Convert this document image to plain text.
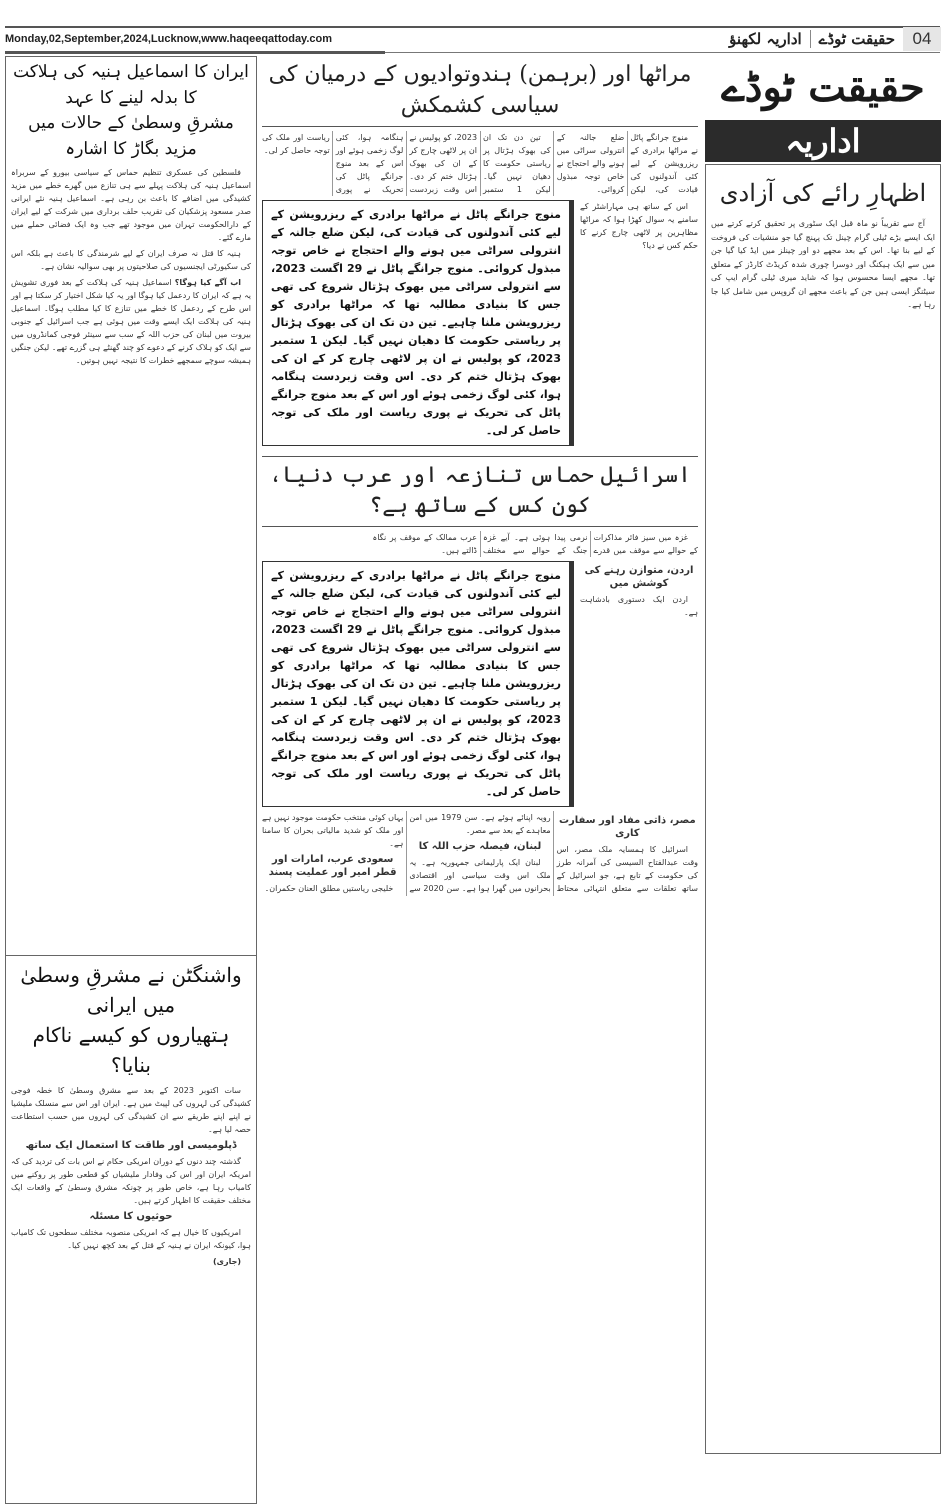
Monday,02,September,2024,Lucknow,www.haqeeqattoday.com	04
حقیقت ٹوڈے
اداریہ لکھنؤ
حقیقت ٹوڈے
اداریہ
اظہارِ رائے کی آزادی

آج سے تقریباً نو ماہ قبل ایک سٹوری پر تحقیق کرتے کرتے میں ایک ایسے بڑے ٹیلی گرام چینل تک پہنچ گیا جو منشیات کی فروخت کے لیے بنا تھا۔ اس کے بعد مجھے دو اور چینلز میں ایڈ کیا گیا جن میں سے ایک ہیکنگ اور دوسرا چوری شدہ کریڈٹ کارڈز کے متعلق تھا۔ مجھے ایسا محسوس ہوا کہ شاید میری ٹیلی گرام ایپ کی سیٹنگز ایسی ہیں جن کے باعث مجھے ان گروپس میں شامل کیا جا رہا ہے۔

مراٹھا اور (برہمن) ہندوتوادیوں کے درمیان کی سیاسی کشمکش

منوج جرانگے پاٹل نے مراٹھا برادری کے ریزرویشن کے لیے کئی آندولنوں کی قیادت کی، لیکن ضلع جالنہ کے انترولی سراٹی میں ہونے والے احتجاج نے خاص توجہ مبذول کروائی۔

تین دن تک ان کی بھوک ہڑتال پر ریاستی حکومت کا دھیان نہیں گیا۔ لیکن 1 ستمبر 2023، کو پولیس نے ان پر لاٹھی چارج کر کے ان کی بھوک ہڑتال ختم کر دی۔ اس وقت زبردست ہنگامہ ہوا، کئی لوگ زخمی ہوئے اور اس کے بعد منوج جرانگے پاٹل کی تحریک نے پوری ریاست اور ملک کی توجہ حاصل کر لی۔

اس کے ساتھ ہی مہاراشٹر کے سامنے یہ سوال کھڑا ہوا کہ مراٹھا مظاہرین پر لاٹھی چارج کرنے کا حکم کس نے دیا؟

منوج جرانگے پاٹل نے مراٹھا برادری کے ریزرویشن کے لیے کئی آندولنوں کی قیادت کی، لیکن ضلع جالنہ کے انترولی سراٹی میں ہونے والے احتجاج نے خاص توجہ مبذول کروائی۔ منوج جرانگے پاٹل نے 29 اگست 2023، سے انترولی سراٹی میں بھوک ہڑتال شروع کی تھی جس کا بنیادی مطالبہ تھا کہ مراٹھا برادری کو ریزرویشن ملنا چاہیے۔ تین دن تک ان کی بھوک ہڑتال پر ریاستی حکومت کا دھیان نہیں گیا۔ لیکن 1 ستمبر 2023، کو پولیس نے ان پر لاٹھی چارج کر کے ان کی بھوک ہڑتال ختم کر دی۔ اس وقت زبردست ہنگامہ ہوا، کئی لوگ زخمی ہوئے اور اس کے بعد منوج جرانگے پاٹل کی تحریک نے پوری ریاست اور ملک کی توجہ حاصل کر لی۔
اسرائیل حماس تنازعہ اور عرب دنیا، کون کس کے ساتھ ہے؟

غزہ میں سیز فائر مذاکرات کے حوالے سے موقف میں قدرے نرمی پیدا ہوئی ہے۔ آیے غزہ جنگ کے حوالے سے مختلف عرب ممالک کے موقف پر نگاہ ڈالتے ہیں۔

اردن، متوازن رہنے کی کوشش میں

اردن ایک دستوری بادشاہت ہے۔

منوج جرانگے پاٹل نے مراٹھا برادری کے ریزرویشن کے لیے کئی آندولنوں کی قیادت کی، لیکن ضلع جالنہ کے انترولی سراٹی میں ہونے والے احتجاج نے خاص توجہ مبذول کروائی۔ منوج جرانگے پاٹل نے 29 اگست 2023، سے انترولی سراٹی میں بھوک ہڑتال شروع کی تھی جس کا بنیادی مطالبہ تھا کہ مراٹھا برادری کو ریزرویشن ملنا چاہیے۔ تین دن تک ان کی بھوک ہڑتال پر ریاستی حکومت کا دھیان نہیں گیا۔ لیکن 1 ستمبر 2023، کو پولیس نے ان پر لاٹھی چارج کر کے ان کی بھوک ہڑتال ختم کر دی۔ اس وقت زبردست ہنگامہ ہوا، کئی لوگ زخمی ہوئے اور اس کے بعد منوج جرانگے پاٹل کی تحریک نے پوری ریاست اور ملک کی توجہ حاصل کر لی۔
مصر، ذاتی مفاد اور سفارت کاری

اسرائیل کا ہمسایہ ملک مصر، اس وقت عبدالفتاح السیسی کی آمرانہ طرز کی حکومت کے تابع ہے، جو اسرائیل کے ساتھ تعلقات سے متعلق انتہائی محتاط رویہ اپنائے ہوئے ہے۔ سن 1979 میں امن معاہدے کے بعد سے مصر۔

لبنان، فیصلہ حزب اللہ کا

لبنان ایک پارلیمانی جمہوریہ ہے۔ یہ ملک اس وقت سیاسی اور اقتصادی بحرانوں میں گھرا ہوا ہے۔ سن 2020 سے یہاں کوئی منتخب حکومت موجود نہیں ہے اور ملک کو شدید مالیاتی بحران کا سامنا ہے۔

سعودی عرب، امارات اور قطر امیر اور عملیت پسند

خلیجی ریاستیں مطلق العنان حکمران۔

ایران کا اسماعیل ہنیہ کی ہلاکت کا بدلہ لینے کا عہد
مشرقِ وسطیٰ کے حالات میں مزید بگاڑ کا اشارہ

فلسطین کی عسکری تنظیم حماس کے سیاسی بیورو کے سربراہ اسماعیل ہنیہ کی ہلاکت پہلے سے ہی تنازع میں گھرے خطے میں مزید کشیدگی میں اضافے کا باعث بن رہی ہے۔ اسماعیل ہنیہ نئے ایرانی صدر مسعود پزشکیان کی تقریب حلف برداری میں شرکت کے لیے ایران کے دارالحکومت تہران میں موجود تھے جب وہ ایک فضائی حملے میں مارے گئے۔

ہنیہ کا قتل نہ صرف ایران کے لیے شرمندگی کا باعث ہے بلکہ اس کی سکیورٹی ایجنسیوں کی صلاحیتوں پر بھی سوالیہ نشان ہے۔

اب آگے کیا ہوگا؟ اسماعیل ہنیہ کی ہلاکت کے بعد فوری تشویش یہ ہے کہ ایران کا ردعمل کیا ہوگا اور یہ کیا شکل اختیار کر سکتا ہے اور اس طرح کے ردعمل کا خطے میں تنازع کا کیا مطلب ہوگا۔ اسماعیل ہنیہ کی ہلاکت ایک ایسے وقت میں ہوئی ہے جب اسرائیل کے جنوبی بیروت میں لبنان کی حزب اللہ کے سب سے سینئر فوجی کمانڈروں میں سے ایک کو ہلاک کرنے کے دعوے کو چند گھنٹے ہی گزرے تھے۔ لیکن جنگیں ہمیشہ سوچے سمجھے خطرات کا نتیجہ نہیں ہوتیں۔

واشنگٹن نے مشرقِ وسطیٰ میں ایرانی
ہتھیاروں کو کیسے ناکام بنایا؟

سات اکتوبر 2023 کے بعد سے مشرق وسطیٰ کا خطہ فوجی کشیدگی کی لہروں کی لپیٹ میں ہے۔ ایران اور اس سے منسلک ملیشیا نے اپنے اپنے طریقے سے ان کشیدگی کی لہروں میں حسب استطاعت حصہ لیا ہے۔

ڈپلومیسی اور طاقت کا استعمال ایک ساتھ

گذشتہ چند دنوں کے دوران امریکی حکام نے اس بات کی تردید کی کہ امریکہ ایران اور اس کی وفادار ملیشیاں کو قطعی طور پر روکنے میں کامیاب رہا ہے، خاص طور پر چونکہ مشرق وسطیٰ کے واقعات ایک مختلف حقیقت کا اظہار کرتے ہیں۔

حوثیوں کا مسئلہ

امریکیوں کا خیال ہے کہ امریکی منصوبہ مختلف سطحوں تک کامیاب ہوا، کیونکہ ایران نے ہنیہ کے قتل کے بعد کچھ نہیں کیا۔

(جاری)
